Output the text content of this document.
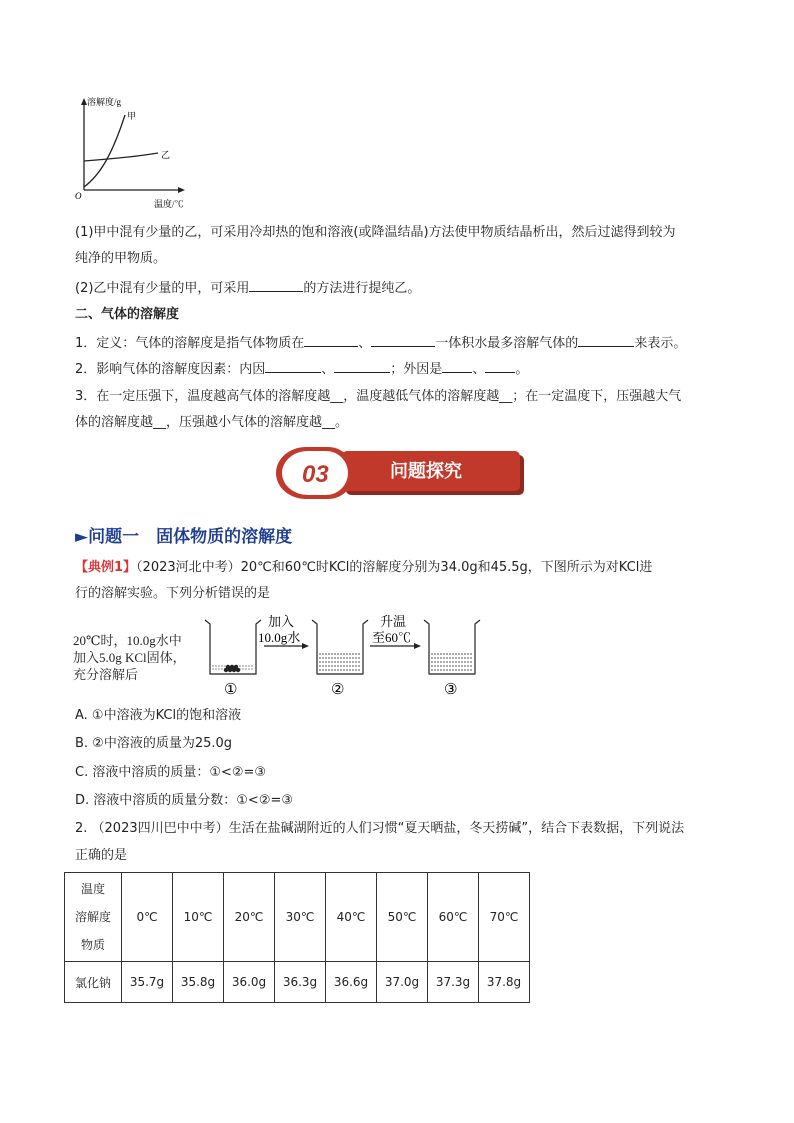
溶解度/g
甲
乙
O
温度/℃
(1)甲中混有少量的乙，可采用冷却热的饱和溶液(或降温结晶)方法使甲物质结晶析出，然后过滤得到较为
纯净的甲物质。
(2)乙中混有少量的甲，可采用	的方法进行提纯乙。
二、气体的溶解度
1．定义：气体的溶解度是指气体物质在	、	一体积水最多溶解气体的	来表示。
2．影响气体的溶解度因素：内因	、	；外因是 、 。
3．在一定压强下，温度越高气体的溶解度越__，温度越低气体的溶解度越__；在一定温度下，压强越大气
体的溶解度越__，压强越小气体的溶解度越__。
03	问题探究
►问题一　固体物质的溶解度
【典例1】（2023河北中考）20℃和60℃时KCl的溶解度分别为34.0g和45.5g，下图所示为对KCl进
行的溶解实验。下列分析错误的是
20℃时，10.0g水中
加入5.0g KCl固体，
充分溶解后
加入
10.0g水
升温
至60℃
①	②	③
A. ①中溶液为KCl的饱和溶液
B. ②中溶液的质量为25.0g
C. 溶液中溶质的质量：①<②=③
D. 溶液中溶质的质量分数：①<②=③
2. （2023四川巴中中考）生活在盐碱湖附近的人们习惯“夏天晒盐，冬天捞碱”，结合下表数据，下列说法
正确的是
温度
溶解度
物质	0℃	10℃	20℃	30℃	40℃	50℃	60℃	70℃
氯化钠	35.7g	35.8g	36.0g	36.3g	36.6g	37.0g	37.3g	37.8g
